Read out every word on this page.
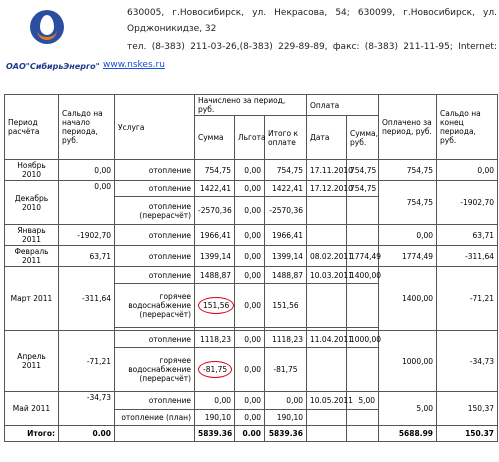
ОАО"СибирьЭнерго" www.nskes.ru
630005, г.Новосибирск, ул. Некрасова, 54; 630099, г.Новосибирск, ул.
Орджоникидзе, 32
тел. (8-383) 211-03-26,(8-383) 229-89-89, факс: (8-383) 211-11-95; Internet:
Период расчёта	Сальдо на начало периода, руб.	Услуга	Начислено за период, руб.			Оплата		Оплачено за период, руб.	Сальдо на конец периода, руб.
			Сумма	Льгота	Итого к оплате	Дата	Сумма, руб.		
Ноябрь 2010	0,00	отопление	754,75	0,00	754,75	17.11.2010	754,75	754,75	0,00
Декабрь 2010	0,00	отопление	1422,41	0,00	1422,41	17.12.2010	754,75	754,75	-1902,70
		отопление (перерасчёт)	-2570,36	0,00	-2570,36				
Январь 2011	-1902,70	отопление	1966,41	0,00	1966,41			0,00	63,71
Февраль 2011	63,71	отопление	1399,14	0,00	1399,14	08.02.2011	1774,49	1774,49	-311,64
Март 2011	-311,64	отопление	1488,87	0,00	1488,87	10.03.2011	1400,00	1400,00	-71,21
		горячее водоснабжение (перерасчёт)	151,56	0,00	151,56				

Апрель 2011	-71,21	отопление	1118,23	0,00	1118,23	11.04.2011	1000,00	1000,00	-34,73
		горячее водоснабжение (перерасчёт)	-81,75	0,00	-81,75				
Май 2011	-34,73	отопление	0,00	0,00	0,00	10.05.2011	5,00	5,00	150,37
		отопление (план)	190,10	0,00	190,10				
Итого:	0.00		5839.36	0.00	5839.36			5688.99	150.37
